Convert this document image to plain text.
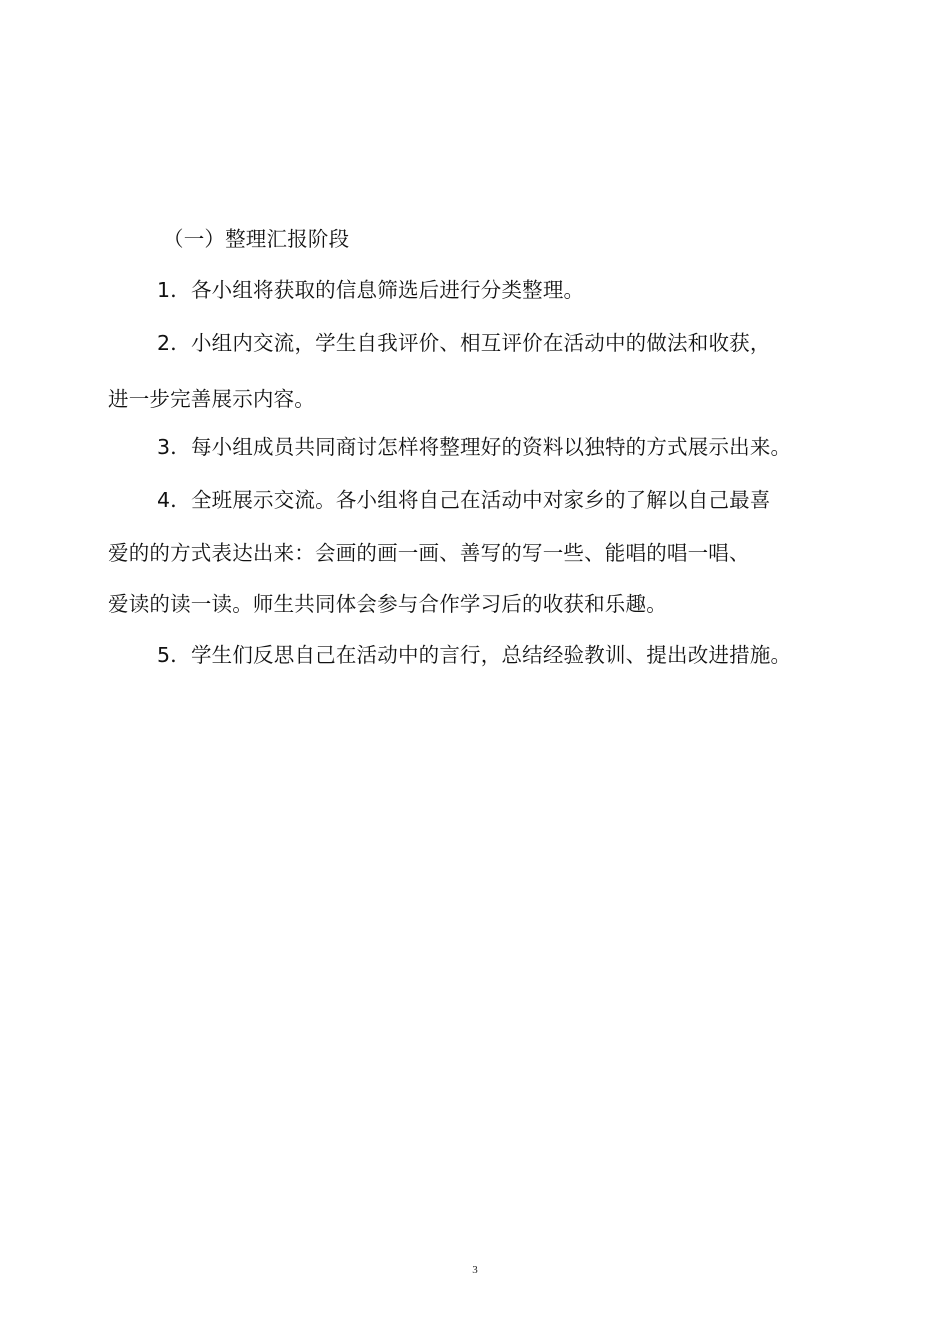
（一）整理汇报阶段
1．各小组将获取的信息筛选后进行分类整理。
2．小组内交流，学生自我评价、相互评价在活动中的做法和收获，
进一步完善展示内容。
3．每小组成员共同商讨怎样将整理好的资料以独特的方式展示出来。
4．全班展示交流。各小组将自己在活动中对家乡的了解以自己最喜
爱的的方式表达出来：会画的画一画、善写的写一些、能唱的唱一唱、
爱读的读一读。师生共同体会参与合作学习后的收获和乐趣。
5．学生们反思自己在活动中的言行，总结经验教训、提出改进措施。
3
